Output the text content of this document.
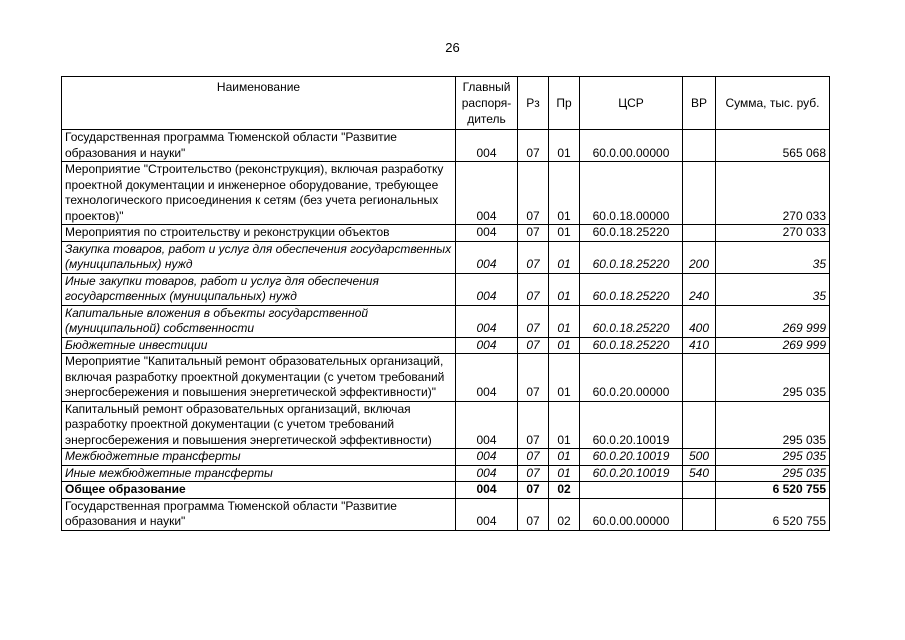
26
Наименование	Главный распоря-дитель	Рз	Пр	ЦСР	ВР	Сумма, тыс. руб.
Государственная программа Тюменской области "Развитие образования и науки"	004	07	01	60.0.00.00000		565 068
Мероприятие "Строительство (реконструкция), включая разработку проектной документации и инженерное оборудование, требующее технологического присоединения к сетям (без учета региональных проектов)"	004	07	01	60.0.18.00000		270 033
Мероприятия по строительству и реконструкции объектов	004	07	01	60.0.18.25220		270 033
Закупка товаров, работ и услуг для обеспечения государственных (муниципальных) нужд	004	07	01	60.0.18.25220	200	35
Иные закупки товаров, работ и услуг для обеспечения государственных (муниципальных) нужд	004	07	01	60.0.18.25220	240	35
Капитальные вложения в объекты государственной (муниципальной) собственности	004	07	01	60.0.18.25220	400	269 999
Бюджетные инвестиции	004	07	01	60.0.18.25220	410	269 999
Мероприятие "Капитальный ремонт образовательных организаций, включая разработку проектной документации (с учетом требований энергосбережения и повышения энергетической эффективности)"	004	07	01	60.0.20.00000		295 035
Капитальный ремонт образовательных организаций, включая разработку проектной документации (с учетом требований энергосбережения и повышения энергетической эффективности)	004	07	01	60.0.20.10019		295 035
Межбюджетные трансферты	004	07	01	60.0.20.10019	500	295 035
Иные межбюджетные трансферты	004	07	01	60.0.20.10019	540	295 035
Общее образование	004	07	02			6 520 755
Государственная программа Тюменской области "Развитие образования и науки"	004	07	02	60.0.00.00000		6 520 755
